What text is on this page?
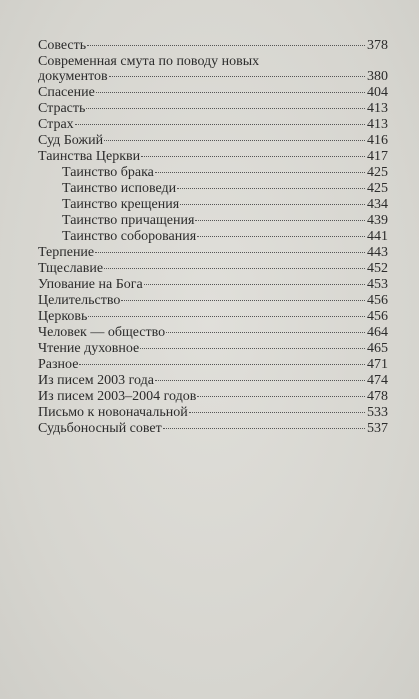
Совесть	378
Современная смута по поводу новых
документов	380
Спасение	404
Страсть	413
Страх	413
Суд Божий	416
Таинства Церкви	417
Таинство брака	425
Таинство исповеди	425
Таинство крещения	434
Таинство причащения	439
Таинство соборования	441
Терпение	443
Тщеславие	452
Упование на Бога	453
Целительство	456
Церковь	456
Человек — общество	464
Чтение духовное	465
Разное	471
Из писем 2003 года	474
Из писем 2003–2004 годов	478
Письмо к новоначальной	533
Судьбоносный совет	537
